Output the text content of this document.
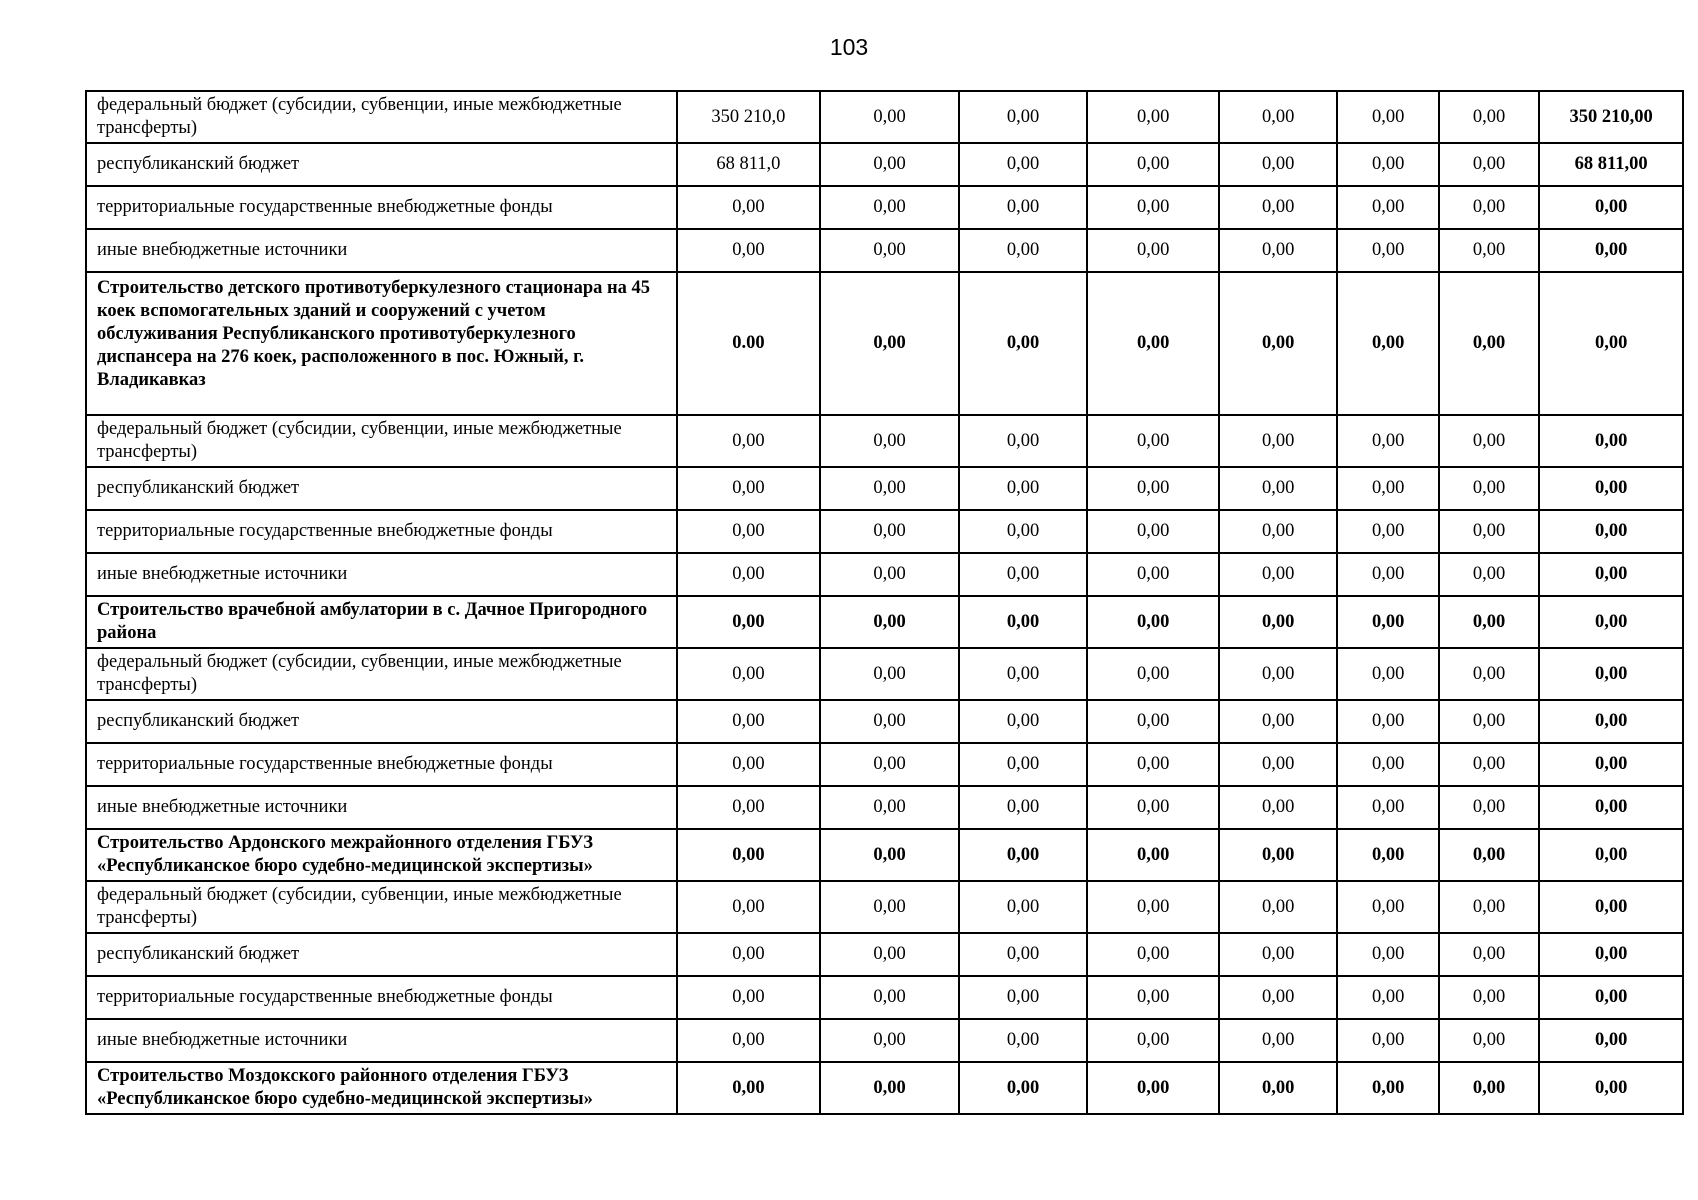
103
федеральный бюджет (субсидии, субвенции, иные межбюджетные трансферты)	350 210,0	0,00	0,00	0,00	0,00	0,00	0,00	350 210,00
республиканский бюджет	68 811,0	0,00	0,00	0,00	0,00	0,00	0,00	68 811,00
территориальные государственные внебюджетные фонды	0,00	0,00	0,00	0,00	0,00	0,00	0,00	0,00
иные внебюджетные источники	0,00	0,00	0,00	0,00	0,00	0,00	0,00	0,00
Строительство детского противотуберкулезного стационара на 45 коек вспомогательных зданий и сооружений с учетом обслуживания Республиканского противотуберкулезного диспансера на 276 коек, расположенного в пос. Южный, г. Владикавказ	0.00	0,00	0,00	0,00	0,00	0,00	0,00	0,00
федеральный бюджет (субсидии, субвенции, иные межбюджетные трансферты)	0,00	0,00	0,00	0,00	0,00	0,00	0,00	0,00
республиканский бюджет	0,00	0,00	0,00	0,00	0,00	0,00	0,00	0,00
территориальные государственные внебюджетные фонды	0,00	0,00	0,00	0,00	0,00	0,00	0,00	0,00
иные внебюджетные источники	0,00	0,00	0,00	0,00	0,00	0,00	0,00	0,00
Строительство врачебной амбулатории в с. Дачное Пригородного района	0,00	0,00	0,00	0,00	0,00	0,00	0,00	0,00
федеральный бюджет (субсидии, субвенции, иные межбюджетные трансферты)	0,00	0,00	0,00	0,00	0,00	0,00	0,00	0,00
республиканский бюджет	0,00	0,00	0,00	0,00	0,00	0,00	0,00	0,00
территориальные государственные внебюджетные фонды	0,00	0,00	0,00	0,00	0,00	0,00	0,00	0,00
иные внебюджетные источники	0,00	0,00	0,00	0,00	0,00	0,00	0,00	0,00
Строительство Ардонского межрайонного отделения ГБУЗ «Республиканское бюро судебно-медицинской экспертизы»	0,00	0,00	0,00	0,00	0,00	0,00	0,00	0,00
федеральный бюджет (субсидии, субвенции, иные межбюджетные трансферты)	0,00	0,00	0,00	0,00	0,00	0,00	0,00	0,00
республиканский бюджет	0,00	0,00	0,00	0,00	0,00	0,00	0,00	0,00
территориальные государственные внебюджетные фонды	0,00	0,00	0,00	0,00	0,00	0,00	0,00	0,00
иные внебюджетные источники	0,00	0,00	0,00	0,00	0,00	0,00	0,00	0,00
Строительство Моздокского районного отделения ГБУЗ «Республиканское бюро судебно-медицинской экспертизы»	0,00	0,00	0,00	0,00	0,00	0,00	0,00	0,00
